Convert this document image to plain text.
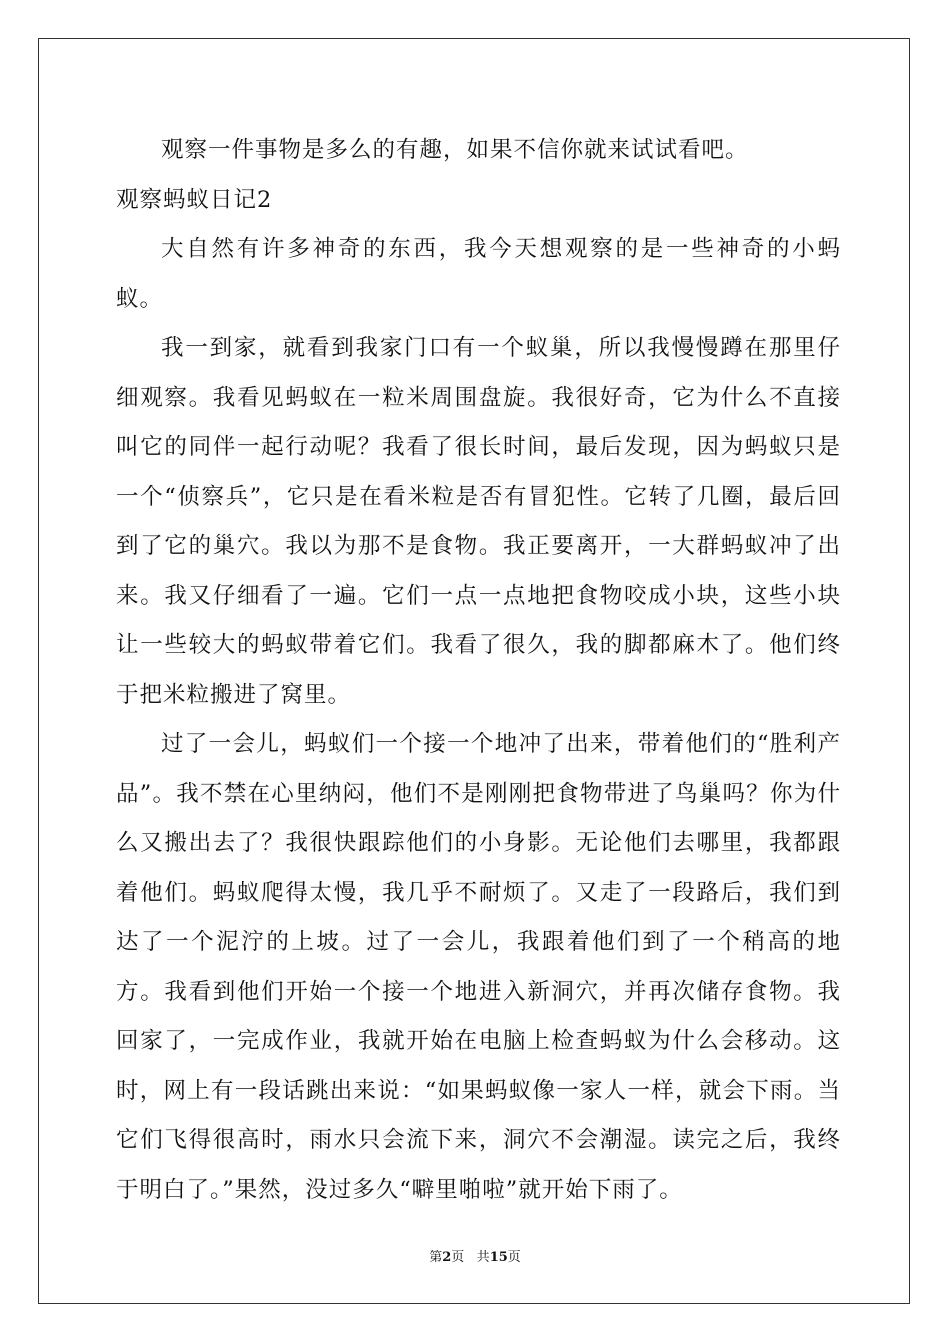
观察一件事物是多么的有趣，如果不信你就来试试看吧。

观察蚂蚁日记2

大自然有许多神奇的东西，我今天想观察的是一些神奇的小蚂蚁。

我一到家，就看到我家门口有一个蚁巢，所以我慢慢蹲在那里仔细观察。我看见蚂蚁在一粒米周围盘旋。我很好奇，它为什么不直接叫它的同伴一起行动呢？我看了很长时间，最后发现，因为蚂蚁只是一个“侦察兵”，它只是在看米粒是否有冒犯性。它转了几圈，最后回到了它的巢穴。我以为那不是食物。我正要离开，一大群蚂蚁冲了出来。我又仔细看了一遍。它们一点一点地把食物咬成小块，这些小块让一些较大的蚂蚁带着它们。我看了很久，我的脚都麻木了。他们终于把米粒搬进了窝里。

过了一会儿，蚂蚁们一个接一个地冲了出来，带着他们的“胜利产品”。我不禁在心里纳闷，他们不是刚刚把食物带进了鸟巢吗？你为什么又搬出去了？我很快跟踪他们的小身影。无论他们去哪里，我都跟着他们。蚂蚁爬得太慢，我几乎不耐烦了。又走了一段路后，我们到达了一个泥泞的上坡。过了一会儿，我跟着他们到了一个稍高的地方。我看到他们开始一个接一个地进入新洞穴，并再次储存食物。我回家了，一完成作业，我就开始在电脑上检查蚂蚁为什么会移动。这时，网上有一段话跳出来说：“如果蚂蚁像一家人一样，就会下雨。当它们飞得很高时，雨水只会流下来，洞穴不会潮湿。读完之后，我终于明白了。”果然，没过多久“噼里啪啦”就开始下雨了。

第2页 共15页
